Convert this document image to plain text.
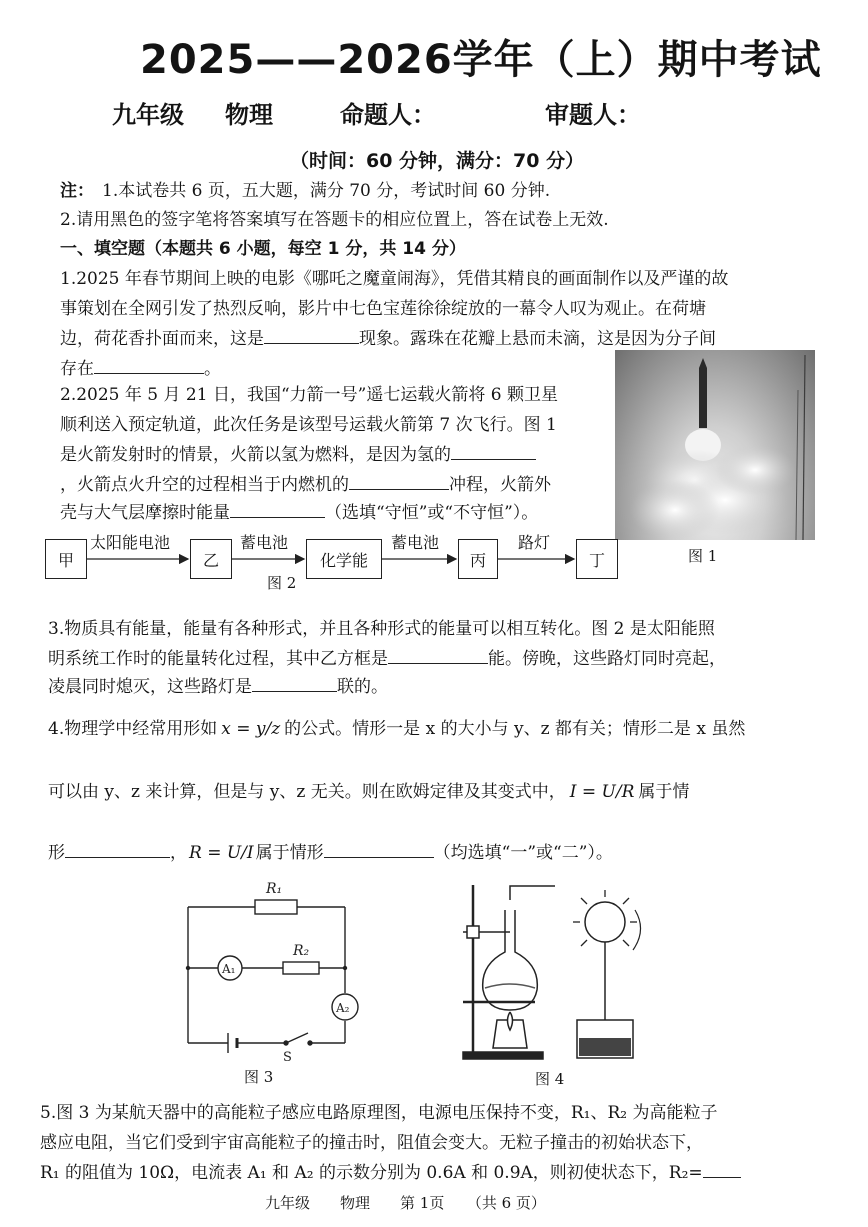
2025——2026学年（上）期中考试
九年级 物理	命题人：	审题人：
（时间：60 分钟，满分：70 分）
注： 1.本试卷共 6 页，五大题，满分 70 分，考试时间 60 分钟.
2.请用黑色的签字笔将答案填写在答题卡的相应位置上，答在试卷上无效.
一、填空题（本题共 6 小题，每空 1 分，共 14 分）
1.2025 年春节期间上映的电影《哪吒之魔童闹海》，凭借其精良的画面制作以及严谨的故
事策划在全网引发了热烈反响，影片中七色宝莲徐徐绽放的一幕令人叹为观止。在荷塘
边，荷花香扑面而来，这是	现象。露珠在花瓣上悬而未滴，这是因为分子间
存在	。
2.2025 年 5 月 21 日，我国“力箭一号”遥七运载火箭将 6 颗卫星
顺利送入预定轨道，此次任务是该型号运载火箭第 7 次飞行。图 1
是火箭发射时的情景，火箭以氢为燃料，是因为氢的
，火箭点火升空的过程相当于内燃机的	冲程，火箭外
壳与大气层摩擦时能量	（选填“守恒”或“不守恒”）。
图 1
甲	乙	化学能	丙	丁
太阳能电池	蓄电池	蓄电池	路灯
图 2
3.物质具有能量，能量有各种形式，并且各种形式的能量可以相互转化。图 2 是太阳能照
明系统工作时的能量转化过程，其中乙方框是	能。傍晚，这些路灯同时亮起，
凌晨同时熄灭，这些路灯是	联的。
4.物理学中经常用形如 x = y/z 的公式。情形一是 x 的大小与 y、z 都有关；情形二是 x 虽然
可以由 y、z 来计算，但是与 y、z 无关。则在欧姆定律及其变式中， I = U/R 属于情
形	， R = U/I 属于情形	（均选填“一”或“二”）。
R₁
R₂
A₁
A₂
S
图 3	图 4
5.图 3 为某航天器中的高能粒子感应电路原理图，电源电压保持不变，R₁、R₂ 为高能粒子
感应电阻，当它们受到宇宙高能粒子的撞击时，阻值会变大。无粒子撞击的初始状态下，
R₁ 的阻值为 10Ω，电流表 A₁ 和 A₂ 的示数分别为 0.6A 和 0.9A，则初使状态下，R₂=
九年级　　物理　　第 1页　　（共 6 页）
